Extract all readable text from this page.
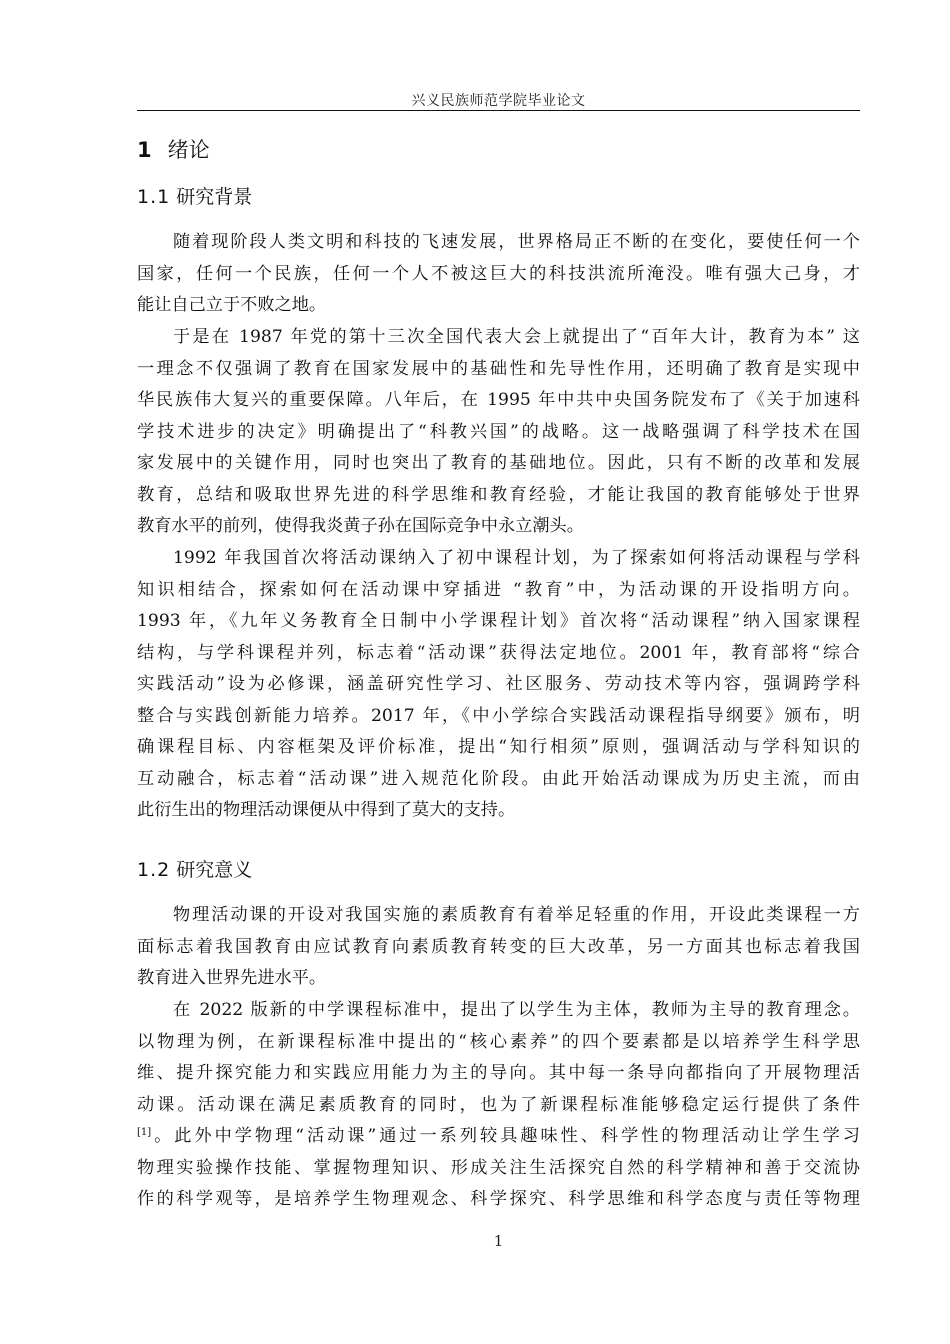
兴义民族师范学院毕业论文
1 绪论
1.1 研究背景
随着现阶段人类文明和科技的飞速发展，世界格局正不断的在变化，要使任何一个
国家，任何一个民族，任何一个人不被这巨大的科技洪流所淹没。唯有强大己身，才
能让自己立于不败之地。
于是在 1987 年党的第十三次全国代表大会上就提出了“百年大计，教育为本” 这
一理念不仅强调了教育在国家发展中的基础性和先导性作用，还明确了教育是实现中
华民族伟大复兴的重要保障。八年后，在 1995 年中共中央国务院发布了《关于加速科
学技术进步的决定》明确提出了“科教兴国”的战略。这一战略强调了科学技术在国
家发展中的关键作用，同时也突出了教育的基础地位。因此，只有不断的改革和发展
教育，总结和吸取世界先进的科学思维和教育经验，才能让我国的教育能够处于世界
教育水平的前列，使得我炎黄子孙在国际竞争中永立潮头。
1992 年我国首次将活动课纳入了初中课程计划，为了探索如何将活动课程与学科
知识相结合，探索如何在活动课中穿插进 “教育”中，为活动课的开设指明方向。
1993 年，《九年义务教育全日制中小学课程计划》首次将“活动课程”纳入国家课程
结构，与学科课程并列，标志着“活动课”获得法定地位。2001 年，教育部将“综合
实践活动”设为必修课，涵盖研究性学习、社区服务、劳动技术等内容，强调跨学科
整合与实践创新能力培养。2017 年，《中小学综合实践活动课程指导纲要》颁布，明
确课程目标、内容框架及评价标准，提出“知行相须”原则，强调活动与学科知识的
互动融合，标志着“活动课”进入规范化阶段。由此开始活动课成为历史主流，而由
此衍生出的物理活动课便从中得到了莫大的支持。
1.2 研究意义
物理活动课的开设对我国实施的素质教育有着举足轻重的作用，开设此类课程一方
面标志着我国教育由应试教育向素质教育转变的巨大改革，另一方面其也标志着我国
教育进入世界先进水平。
在 2022 版新的中学课程标准中，提出了以学生为主体，教师为主导的教育理念。
以物理为例，在新课程标准中提出的“核心素养”的四个要素都是以培养学生科学思
维、提升探究能力和实践应用能力为主的导向。其中每一条导向都指向了开展物理活
动课。活动课在满足素质教育的同时，也为了新课程标准能够稳定运行提供了条件
[1]。此外中学物理“活动课”通过一系列较具趣味性、科学性的物理活动让学生学习
物理实验操作技能、掌握物理知识、形成关注生活探究自然的科学精神和善于交流协
作的科学观等，是培养学生物理观念、科学探究、科学思维和科学态度与责任等物理
1
